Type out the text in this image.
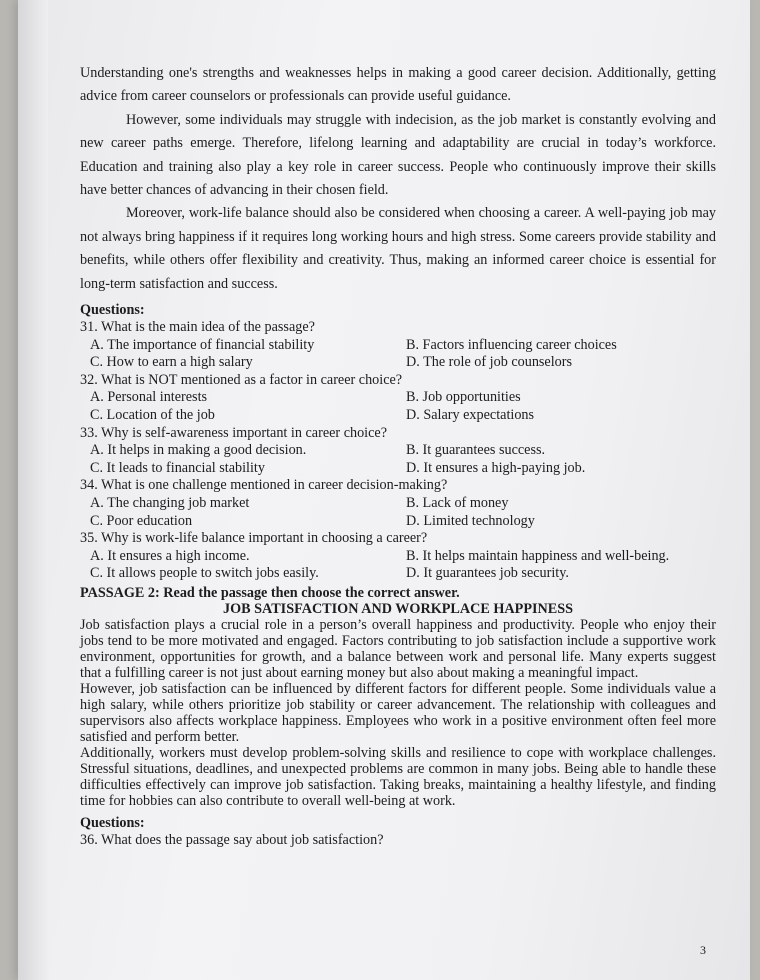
Understanding one's strengths and weaknesses helps in making a good career decision. Additionally, getting advice from career counselors or professionals can provide useful guidance.

However, some individuals may struggle with indecision, as the job market is constantly evolving and new career paths emerge. Therefore, lifelong learning and adaptability are crucial in today’s workforce. Education and training also play a key role in career success. People who continuously improve their skills have better chances of advancing in their chosen field.

Moreover, work-life balance should also be considered when choosing a career. A well-paying job may not always bring happiness if it requires long working hours and high stress. Some careers provide stability and benefits, while others offer flexibility and creativity. Thus, making an informed career choice is essential for long-term satisfaction and success.

Questions:
31. What is the main idea of the passage?
A. The importance of financial stability	B. Factors influencing career choices
C. How to earn a high salary	D. The role of job counselors
32. What is NOT mentioned as a factor in career choice?
A. Personal interests	B. Job opportunities
C. Location of the job	D. Salary expectations
33. Why is self-awareness important in career choice?
A. It helps in making a good decision.	B. It guarantees success.
C. It leads to financial stability	D. It ensures a high-paying job.
34. What is one challenge mentioned in career decision-making?
A. The changing job market	B. Lack of money
C. Poor education	D. Limited technology
35. Why is work-life balance important in choosing a career?
A. It ensures a high income.	B. It helps maintain happiness and well-being.
C. It allows people to switch jobs easily.	D. It guarantees job security.
PASSAGE 2: Read the passage then choose the correct answer.
JOB SATISFACTION AND WORKPLACE HAPPINESS

Job satisfaction plays a crucial role in a person’s overall happiness and productivity. People who enjoy their jobs tend to be more motivated and engaged. Factors contributing to job satisfaction include a supportive work environment, opportunities for growth, and a balance between work and personal life. Many experts suggest that a fulfilling career is not just about earning money but also about making a meaningful impact.

However, job satisfaction can be influenced by different factors for different people. Some individuals value a high salary, while others prioritize job stability or career advancement. The relationship with colleagues and supervisors also affects workplace happiness. Employees who work in a positive environment often feel more satisfied and perform better.

Additionally, workers must develop problem-solving skills and resilience to cope with workplace challenges. Stressful situations, deadlines, and unexpected problems are common in many jobs. Being able to handle these difficulties effectively can improve job satisfaction. Taking breaks, maintaining a healthy lifestyle, and finding time for hobbies can also contribute to overall well-being at work.

Questions:
36. What does the passage say about job satisfaction?
3
